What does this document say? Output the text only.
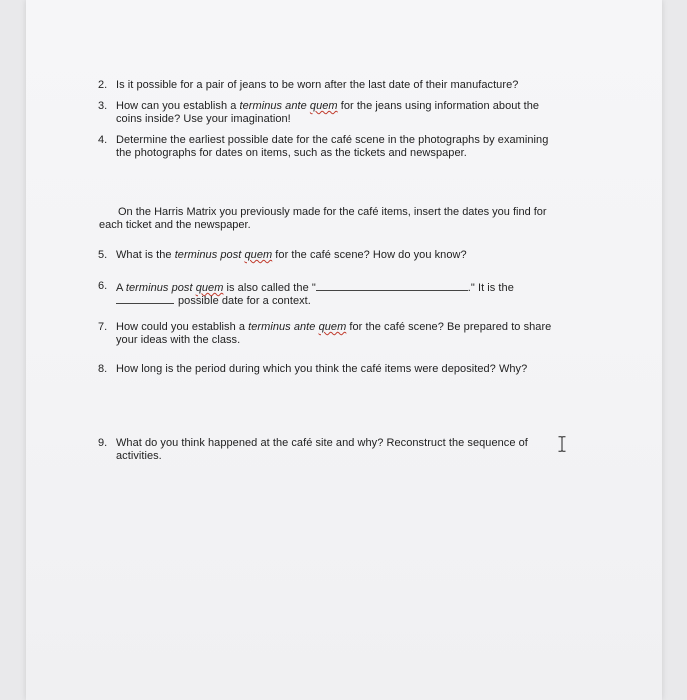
2. Is it possible for a pair of jeans to be worn after the last date of their manufacture?
3. How can you establish a terminus ante quem for the jeans using information about the
coins inside? Use your imagination!
4. Determine the earliest possible date for the café scene in the photographs by examining
the photographs for dates on items, such as the tickets and newspaper.
On the Harris Matrix you previously made for the café items, insert the dates you find for
each ticket and the newspaper.
5. What is the terminus post quem for the café scene? How do you know?
6. A terminus post quem is also called the "	." It is the
possible date for a context.
7. How could you establish a terminus ante quem for the café scene? Be prepared to share
your ideas with the class.
8. How long is the period during which you think the café items were deposited? Why?
9. What do you think happened at the café site and why? Reconstruct the sequence of
activities.
